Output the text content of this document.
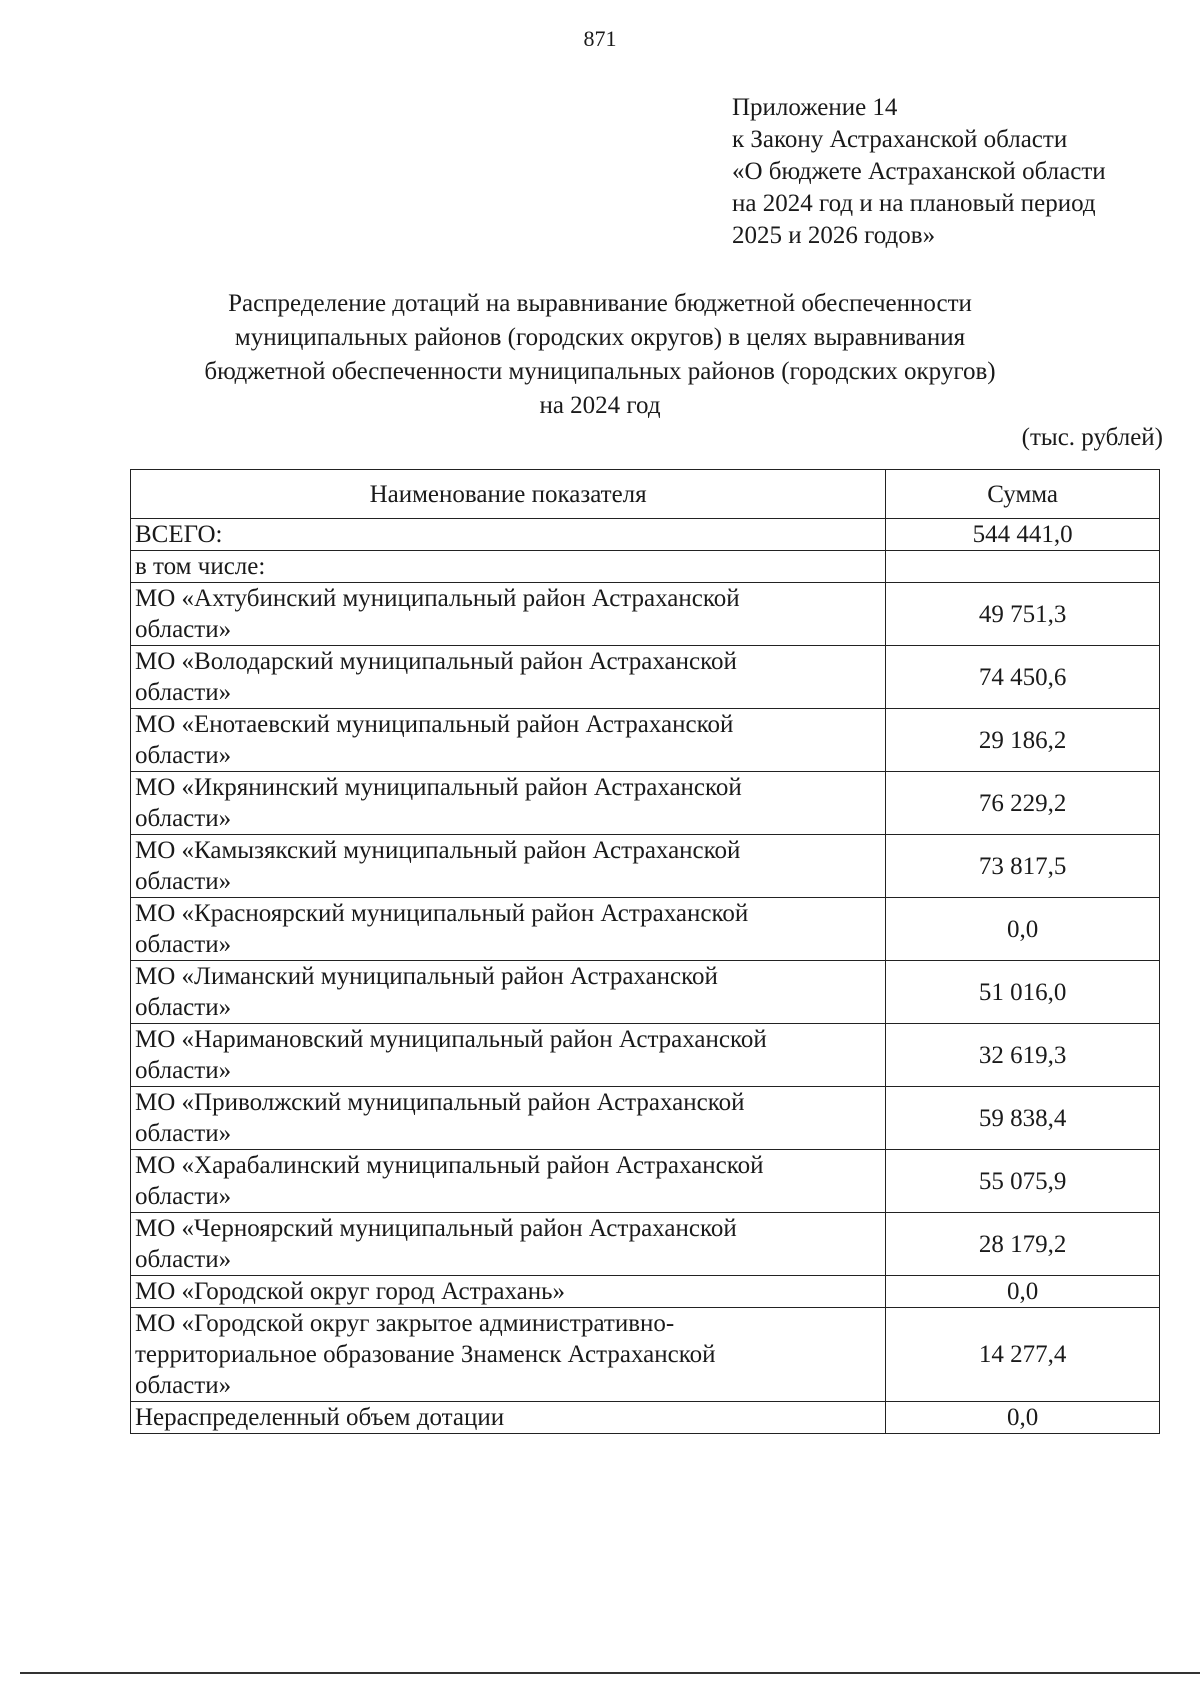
871
Приложение 14
к Закону Астраханской области
«О бюджете Астраханской области
на 2024 год и на плановый период
2025 и 2026 годов»
Распределение дотаций на выравнивание бюджетной обеспеченности
муниципальных районов (городских округов) в целях выравнивания
бюджетной обеспеченности муниципальных районов (городских округов)
на 2024 год
(тыс. рублей)
Наименование показателя	Сумма
ВСЕГО:	544 441,0
в том числе:	

МО «Ахтубинский муниципальный район Астраханской
области»	49 751,3

МО «Володарский муниципальный район Астраханской
области»	74 450,6

МО «Енотаевский муниципальный район Астраханской
области»	29 186,2

МО «Икрянинский муниципальный район Астраханской
области»	76 229,2

МО «Камызякский муниципальный район Астраханской
области»	73 817,5

МО «Красноярский муниципальный район Астраханской
области»	0,0

МО «Лиманский муниципальный район Астраханской
области»	51 016,0

МО «Наримановский муниципальный район Астраханской
области»	32 619,3

МО «Приволжский муниципальный район Астраханской
области»	59 838,4

МО «Харабалинский муниципальный район Астраханской
области»	55 075,9

МО «Черноярский муниципальный район Астраханской
области»	28 179,2

МО «Городской округ город Астрахань»	0,0

МО «Городской округ закрытое административно-
территориальное образование Знаменск Астраханской
области»	14 277,4

Нераспределенный объем дотации	0,0
